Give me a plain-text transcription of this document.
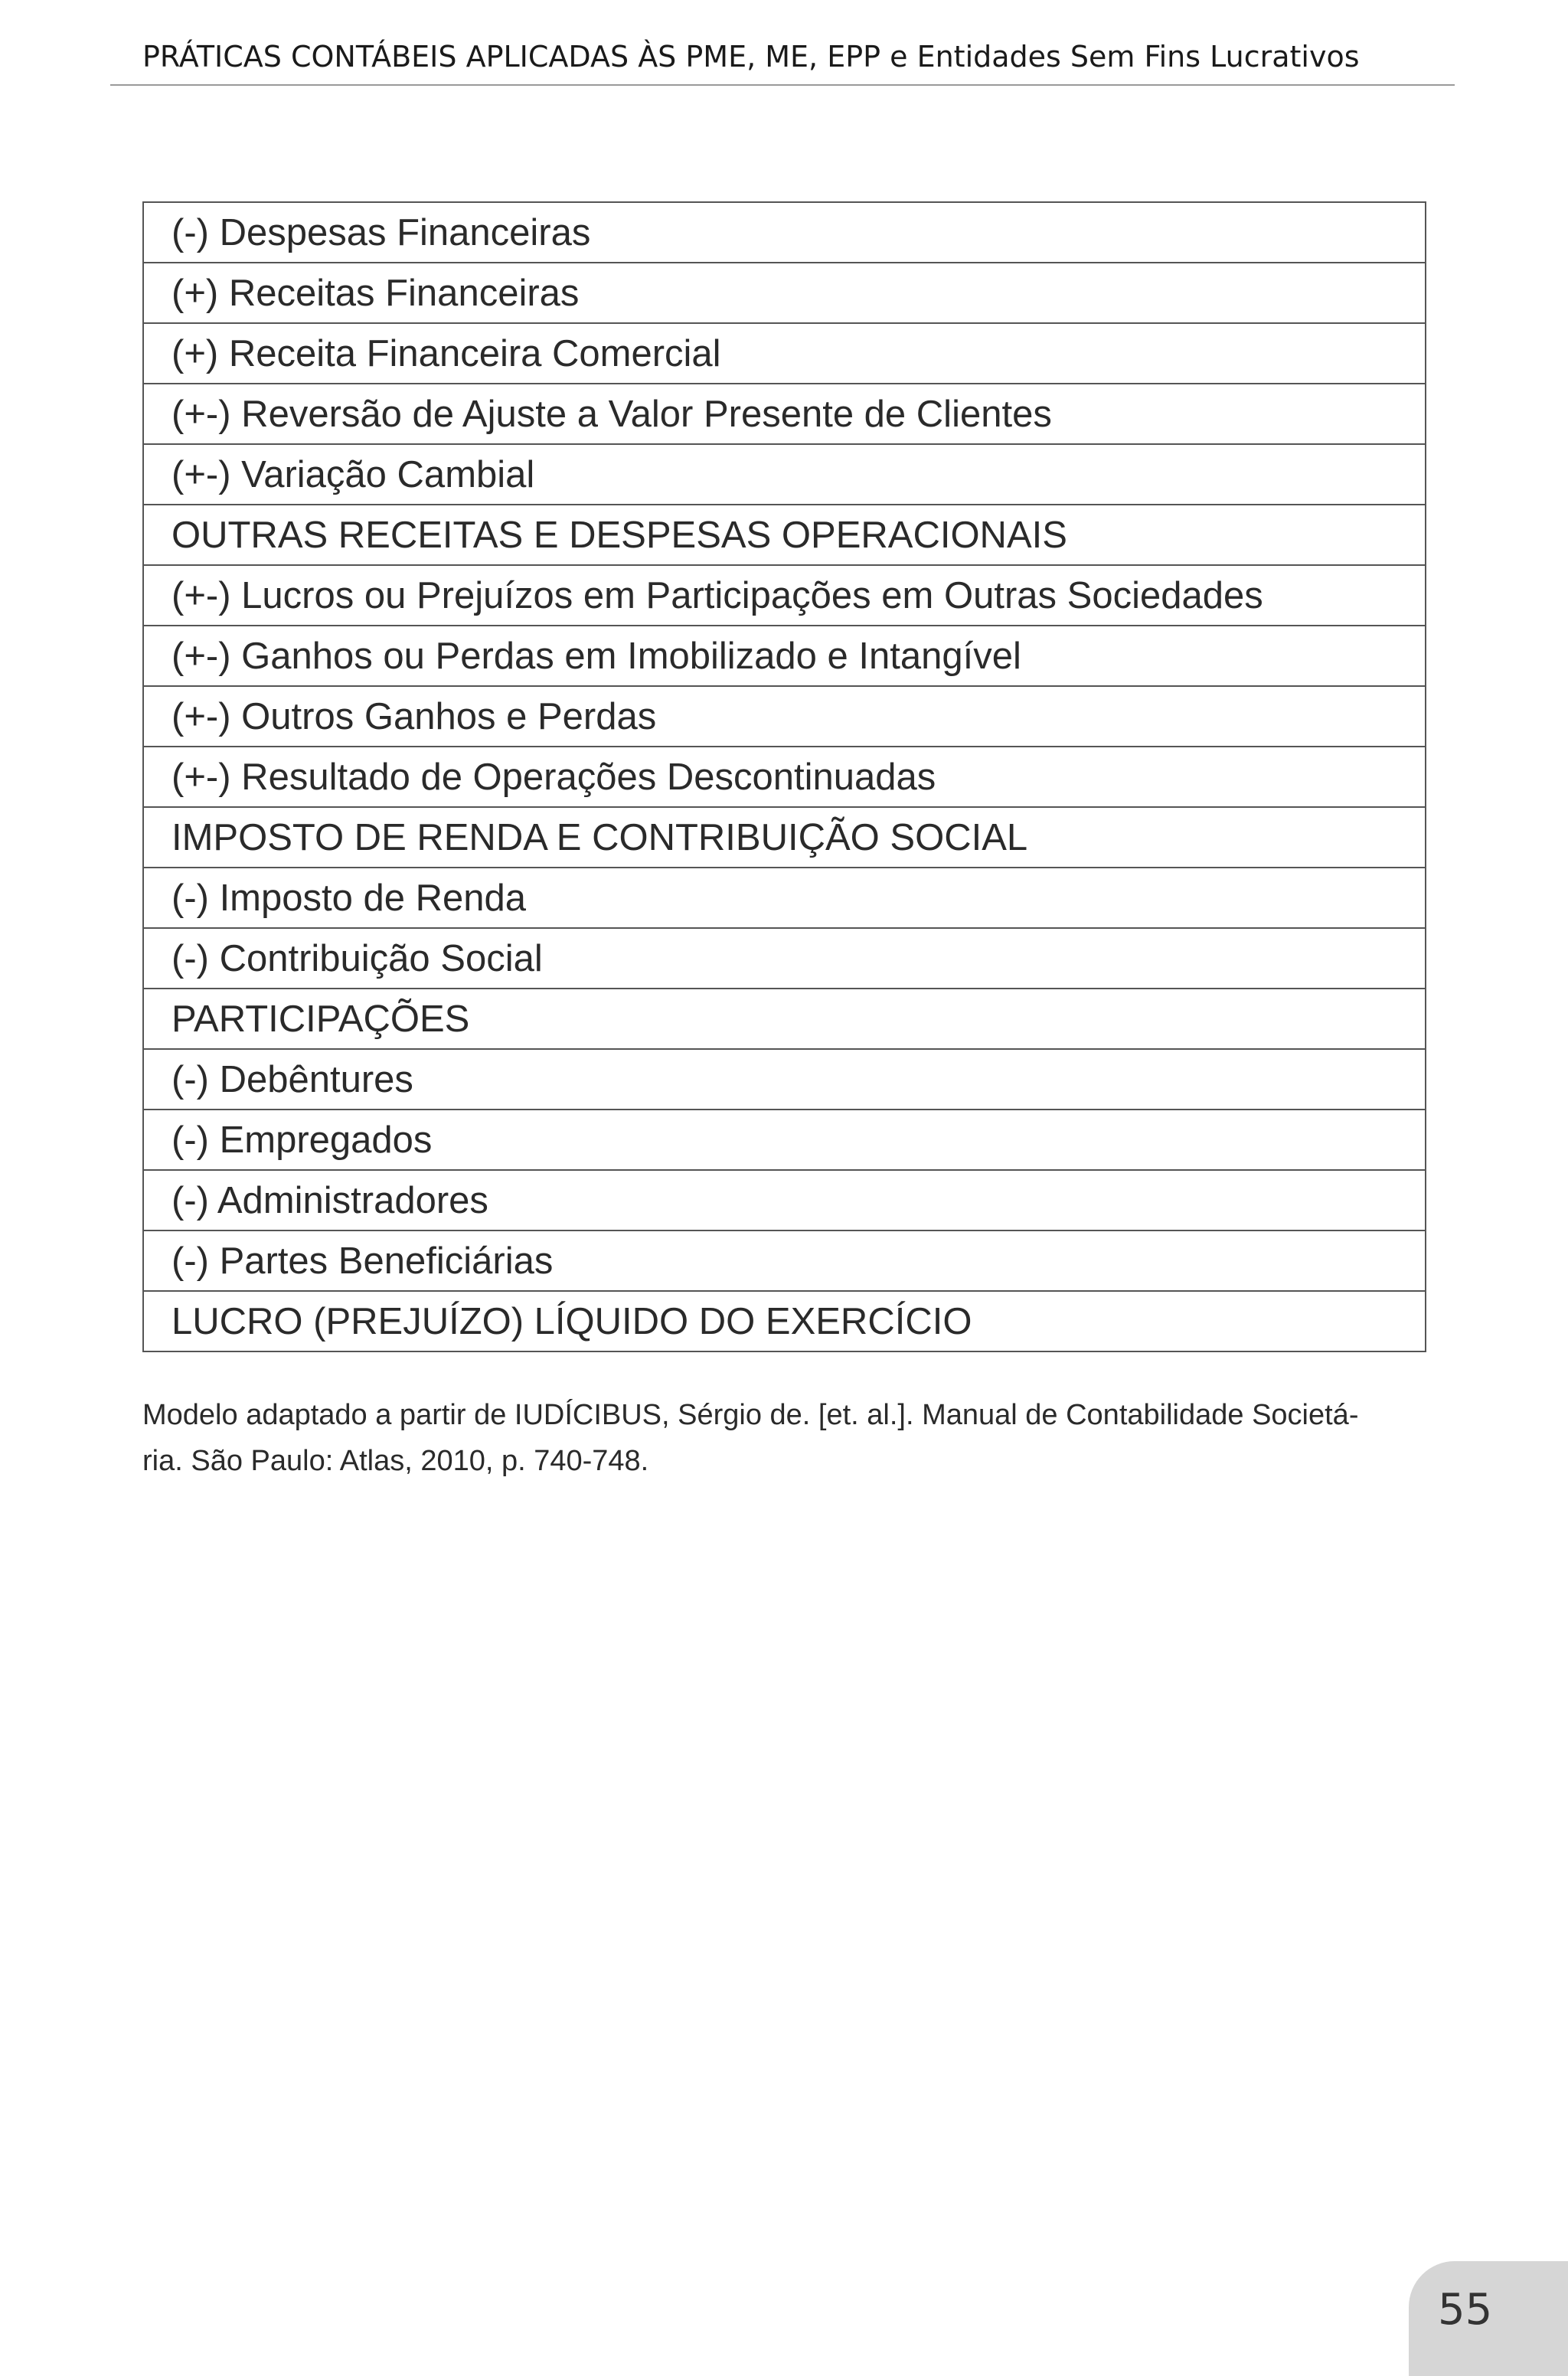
PRÁTICAS CONTÁBEIS APLICADAS ÀS PME, ME, EPP e Entidades Sem Fins Lucrativos
(-) Despesas Financeiras
(+) Receitas Financeiras
(+) Receita Financeira Comercial
(+-) Reversão de Ajuste a Valor Presente de Clientes
(+-) Variação Cambial
OUTRAS RECEITAS E DESPESAS OPERACIONAIS
(+-) Lucros ou Prejuízos em Participações em Outras Sociedades
(+-) Ganhos ou Perdas em Imobilizado e Intangível
(+-) Outros Ganhos e Perdas
(+-) Resultado de Operações Descontinuadas
IMPOSTO DE RENDA E CONTRIBUIÇÃO SOCIAL
(-) Imposto de Renda
(-) Contribuição Social
PARTICIPAÇÕES
(-) Debêntures
(-) Empregados
(-) Administradores
(-) Partes Beneficiárias
LUCRO (PREJUÍZO) LÍQUIDO DO EXERCÍCIO
Modelo adaptado a partir de IUDÍCIBUS, Sérgio de. [et. al.]. Manual de Contabilidade Societá-
ria. São Paulo: Atlas, 2010, p. 740-748.
55
